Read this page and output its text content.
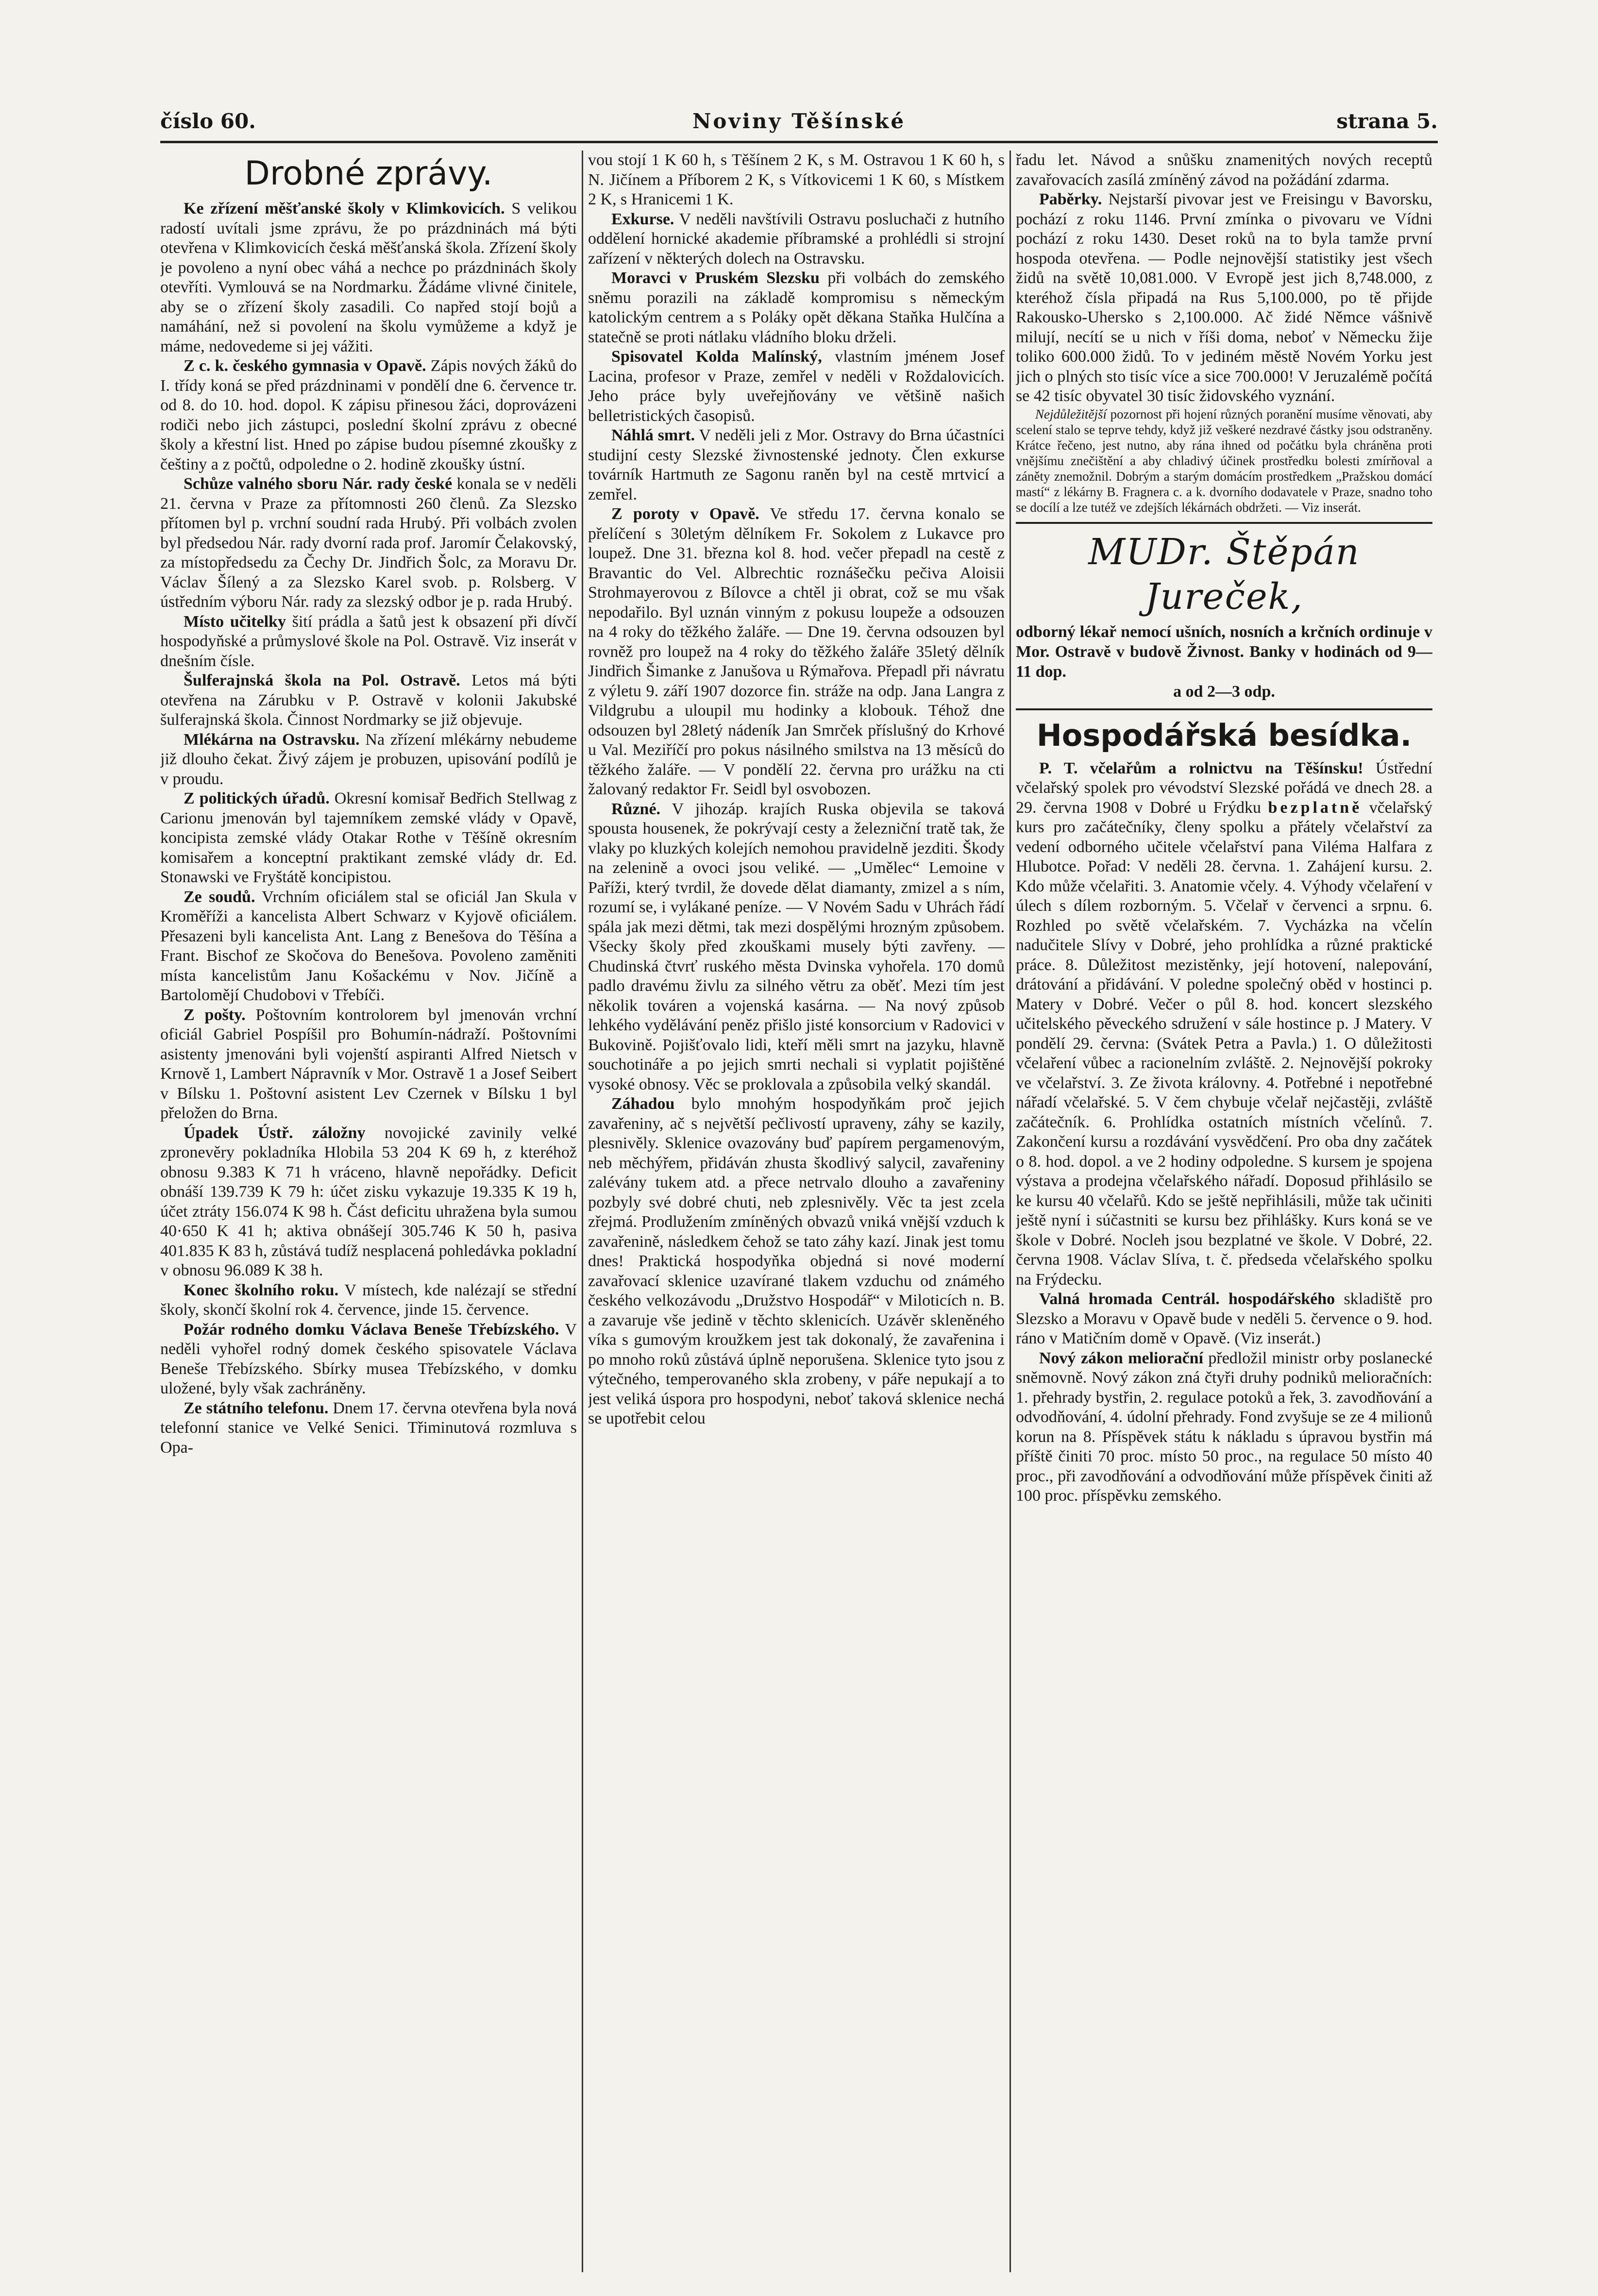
číslo 60.	Noviny Těšínské	strana 5.
Drobné zprávy.

Ke zřízení měšťanské školy v Klimkovicích. S velikou radostí uvítali jsme zprávu, že po prázdninách má býti otevřena v Klimkovicích česká měšťanská škola. Zřízení školy je povoleno a nyní obec váhá a nechce po prázdninách školy otevříti. Vymlouvá se na Nordmarku. Žádáme vlivné činitele, aby se o zřízení školy zasadili. Co napřed stojí bojů a namáhání, než si povolení na školu vymůžeme a když je máme, nedovedeme si jej vážiti.

Z c. k. českého gymnasia v Opavě. Zápis nových žáků do I. třídy koná se před prázdninami v pondělí dne 6. července tr. od 8. do 10. hod. dopol. K zápisu přinesou žáci, doprovázeni rodiči nebo jich zástupci, poslední školní zprávu z obecné školy a křestní list. Hned po zápise budou písemné zkoušky z češtiny a z počtů, odpoledne o 2. hodině zkoušky ústní.

Schůze valného sboru Nár. rady české konala se v neděli 21. června v Praze za přítomnosti 260 členů. Za Slezsko přítomen byl p. vrchní soudní rada Hrubý. Při volbách zvolen byl předsedou Nár. rady dvorní rada prof. Jaromír Čelakovský, za místopředsedu za Čechy Dr. Jindřich Šolc, za Moravu Dr. Václav Šílený a za Slezsko Karel svob. p. Rolsberg. V ústředním výboru Nár. rady za slezský odbor je p. rada Hrubý.

Místo učitelky šití prádla a šatů jest k obsazení při dívčí hospodyňské a průmyslové škole na Pol. Ostravě. Viz inserát v dnešním čísle.

Šulferajnská škola na Pol. Ostravě. Letos má býti otevřena na Zárubku v P. Ostravě v kolonii Jakubské šulferajnská škola. Činnost Nordmarky se již objevuje.

Mlékárna na Ostravsku. Na zřízení mlékárny nebudeme již dlouho čekat. Živý zájem je probuzen, upisování podílů je v proudu.

Z politických úřadů. Okresní komisař Bedřich Stellwag z Carionu jmenován byl tajemníkem zemské vlády v Opavě, koncipista zemské vlády Otakar Rothe v Těšíně okresním komisařem a konceptní praktikant zemské vlády dr. Ed. Stonawski ve Fryštátě koncipistou.

Ze soudů. Vrchním oficiálem stal se oficiál Jan Skula v Kroměříži a kancelista Albert Schwarz v Kyjově oficiálem. Přesazeni byli kancelista Ant. Lang z Benešova do Těšína a Frant. Bischof ze Skočova do Benešova. Povoleno zaměniti místa kancelistům Janu Košackému v Nov. Jičíně a Bartolomějí Chudobovi v Třebíči.

Z pošty. Poštovním kontrolorem byl jmenován vrchní oficiál Gabriel Pospíšil pro Bohumín-nádraží. Poštovními asistenty jmenováni byli vojenští aspiranti Alfred Nietsch v Krnově 1, Lambert Nápravník v Mor. Ostravě 1 a Josef Seibert v Bílsku 1. Poštovní asistent Lev Czernek v Bílsku 1 byl přeložen do Brna.

Úpadek Ústř. záložny novojické zavinily velké zpronevěry pokladníka Hlobila 53 204 K 69 h, z kteréhož obnosu 9.383 K 71 h vráceno, hlavně nepořádky. Deficit obnáší 139.739 K 79 h: účet zisku vykazuje 19.335 K 19 h, účet ztráty 156.074 K 98 h. Část deficitu uhražena byla sumou 40·650 K 41 h; aktiva obnášejí 305.746 K 50 h, pasiva 401.835 K 83 h, zůstává tudíž nesplacená pohledávka pokladní v obnosu 96.089 K 38 h.

Konec školního roku. V místech, kde nalézají se střední školy, skončí školní rok 4. července, jinde 15. července.

Požár rodného domku Václava Beneše Třebízského. V neděli vyhořel rodný domek českého spisovatele Václava Beneše Třebízského. Sbírky musea Třebízského, v domku uložené, byly však zachráněny.

Ze státního telefonu. Dnem 17. června otevřena byla nová telefonní stanice ve Velké Senici. Třiminutová rozmluva s Opa-

vou stojí 1 K 60 h, s Těšínem 2 K, s M. Ostravou 1 K 60 h, s N. Jičínem a Příborem 2 K, s Vítkovicemi 1 K 60, s Místkem 2 K, s Hranicemi 1 K.

Exkurse. V neděli navštívili Ostravu posluchači z hutního oddělení hornické akademie příbramské a prohlédli si strojní zařízení v některých dolech na Ostravsku.

Moravci v Pruském Slezsku při volbách do zemského sněmu porazili na základě kompromisu s německým katolickým centrem a s Poláky opět děkana Staňka Hulčína a statečně se proti nátlaku vládního bloku drželi.

Spisovatel Kolda Malínský, vlastním jménem Josef Lacina, profesor v Praze, zemřel v neděli v Roždalovicích. Jeho práce byly uveřejňovány ve většině našich belletristických časopisů.

Náhlá smrt. V neděli jeli z Mor. Ostravy do Brna účastníci studijní cesty Slezské živnostenské jednoty. Člen exkurse továrník Hartmuth ze Sagonu raněn byl na cestě mrtvicí a zemřel.

Z poroty v Opavě. Ve středu 17. června konalo se přelíčení s 30letým dělníkem Fr. Sokolem z Lukavce pro loupež. Dne 31. března kol 8. hod. večer přepadl na cestě z Bravantic do Vel. Albrechtic roznášečku pečiva Aloisii Strohmayerovou z Bílovce a chtěl ji obrat, což se mu však nepodařilo. Byl uznán vinným z pokusu loupeže a odsouzen na 4 roky do těžkého žaláře. — Dne 19. června odsouzen byl rovněž pro loupež na 4 roky do těžkého žaláře 35letý dělník Jindřich Šimanke z Janušova u Rýmařova. Přepadl při návratu z výletu 9. září 1907 dozorce fin. stráže na odp. Jana Langra z Vildgrubu a uloupil mu hodinky a klobouk. Téhož dne odsouzen byl 28letý nádeník Jan Smrček příslušný do Krhové u Val. Meziříčí pro pokus násilného smilstva na 13 měsíců do těžkého žaláře. — V pondělí 22. června pro urážku na cti žalovaný redaktor Fr. Seidl byl osvobozen.

Různé. V jihozáp. krajích Ruska objevila se taková spousta housenek, že pokrývají cesty a železniční tratě tak, že vlaky po kluzkých kolejích nemohou pravidelně jezditi. Škody na zelenině a ovoci jsou veliké. — „Umělec“ Lemoine v Paříži, který tvrdil, že dovede dělat diamanty, zmizel a s ním, rozumí se, i vylákané peníze. — V Novém Sadu v Uhrách řádí spála jak mezi dětmi, tak mezi dospělými hrozným způsobem. Všecky školy před zkouškami musely býti zavřeny. — Chudinská čtvrť ruského města Dvinska vyhořela. 170 domů padlo dravému živlu za silného větru za oběť. Mezi tím jest několik továren a vojenská kasárna. — Na nový způsob lehkého vydělávání peněz přišlo jisté konsorcium v Radovici v Bukovině. Pojišťovalo lidi, kteří měli smrt na jazyku, hlavně souchotináře a po jejich smrti nechali si vyplatit pojištěné vysoké obnosy. Věc se proklovala a způsobila velký skandál.

Záhadou bylo mnohým hospodyňkám proč jejich zavařeniny, ač s největší pečlivostí upraveny, záhy se kazily, plesnivěly. Sklenice ovazovány buď papírem pergamenovým, neb měchýřem, přidáván zhusta škodlivý salycil, zavařeniny zalévány tukem atd. a přece netrvalo dlouho a zavařeniny pozbyly své dobré chuti, neb zplesnivěly. Věc ta jest zcela zřejmá. Prodlužením zmíněných obvazů vniká vnější vzduch k zavařenině, následkem čehož se tato záhy kazí. Jinak jest tomu dnes! Praktická hospodyňka objedná si nové moderní zavařovací sklenice uzavírané tlakem vzduchu od známého českého velkozávodu „Družstvo Hospodář“ v Miloticích n. B. a zavaruje vše jedině v těchto sklenicích. Uzávěr skleněného víka s gumovým kroužkem jest tak dokonalý, že zavařenina i po mnoho roků zůstává úplně neporušena. Sklenice tyto jsou z výtečného, temperovaného skla zrobeny, v páře nepukají a to jest veliká úspora pro hospodyni, neboť taková sklenice nechá se upotřebit celou

řadu let. Návod a snůšku znamenitých nových receptů zavařovacích zasílá zmíněný závod na požádání zdarma.

Paběrky. Nejstarší pivovar jest ve Freisingu v Bavorsku, pochází z roku 1146. První zmínka o pivovaru ve Vídni pochází z roku 1430. Deset roků na to byla tamže první hospoda otevřena. — Podle nejnovější statistiky jest všech židů na světě 10,081.000. V Evropě jest jich 8,748.000, z kteréhož čísla připadá na Rus 5,100.000, po tě přijde Rakousko-Uhersko s 2,100.000. Ač židé Němce vášnivě milují, necítí se u nich v říši doma, neboť v Německu žije toliko 600.000 židů. To v jediném městě Novém Yorku jest jich o plných sto tisíc více a sice 700.000! V Jeruzalémě počítá se 42 tisíc obyvatel 30 tisíc židovského vyznání.

Nejdůležitější pozornost při hojení různých poranění musíme věnovati, aby scelení stalo se teprve tehdy, když již veškeré nezdravé částky jsou odstraněny. Krátce řečeno, jest nutno, aby rána ihned od počátku byla chráněna proti vnějšímu znečištění a aby chladivý účinek prostředku bolesti zmírňoval a záněty znemožnil. Dobrým a starým domácím prostředkem „Pražskou domácí mastí“ z lékárny B. Fragnera c. a k. dvorního dodavatele v Praze, snadno toho se docílí a lze tutéž ve zdejších lékárnách obdržeti. — Viz inserát.

MUDr. Štěpán Jureček,
odborný lékař nemocí ušních, nosních a krčních ordinuje v Mor. Ostravě v budově Živnost. Banky v hodinách od 9—11 dop.
a od 2—3 odp.
Hospodářská besídka.

P. T. včelařům a rolnictvu na Těšínsku! Ústřední včelařský spolek pro vévodství Slezské pořádá ve dnech 28. a 29. června 1908 v Dobré u Frýdku bezplatně včelařský kurs pro začátečníky, členy spolku a přátely včelařství za vedení odborného učitele včelařství pana Viléma Halfara z Hlubotce. Pořad: V neděli 28. června. 1. Zahájení kursu. 2. Kdo může včelařiti. 3. Anatomie včely. 4. Výhody včelaření v úlech s dílem rozborným. 5. Včelař v červenci a srpnu. 6. Rozhled po světě včelařském. 7. Vycházka na včelín nadučitele Slívy v Dobré, jeho prohlídka a různé praktické práce. 8. Důležitost mezistěnky, její hotovení, nalepování, drátování a přidávání. V poledne společný oběd v hostinci p. Matery v Dobré. Večer o půl 8. hod. koncert slezského učitelského pěveckého sdružení v sále hostince p. J Matery. V pondělí 29. června: (Svátek Petra a Pavla.) 1. O důležitosti včelaření vůbec a racionelním zvláště. 2. Nejnovější pokroky ve včelařství. 3. Ze života královny. 4. Potřebné i nepotřebné nářadí včelařské. 5. V čem chybuje včelař nejčastěji, zvláště začátečník. 6. Prohlídka ostatních místních včelínů. 7. Zakončení kursu a rozdávání vysvědčení. Pro oba dny začátek o 8. hod. dopol. a ve 2 hodiny odpoledne. S kursem je spojena výstava a prodejna včelařského nářadí. Doposud přihlásilo se ke kursu 40 včelařů. Kdo se ještě nepřihlásili, může tak učiniti ještě nyní i súčastniti se kursu bez přihlášky. Kurs koná se ve škole v Dobré. Nocleh jsou bezplatné ve škole. V Dobré, 22. června 1908. Václav Slíva, t. č. předseda včelařského spolku na Frýdecku.

Valná hromada Centrál. hospodářského skladiště pro Slezsko a Moravu v Opavě bude v neděli 5. července o 9. hod. ráno v Matičním domě v Opavě. (Viz inserát.)

Nový zákon meliorační předložil ministr orby poslanecké sněmovně. Nový zákon zná čtyři druhy podniků melioračních: 1. přehrady bystřin, 2. regulace potoků a řek, 3. zavodňování a odvodňování, 4. údolní přehrady. Fond zvyšuje se ze 4 milionů korun na 8. Příspěvek státu k nákladu s úpravou bystřin má příště činiti 70 proc. místo 50 proc., na regulace 50 místo 40 proc., při zavodňování a odvodňování může příspěvek činiti až 100 proc. příspěvku zemského.
